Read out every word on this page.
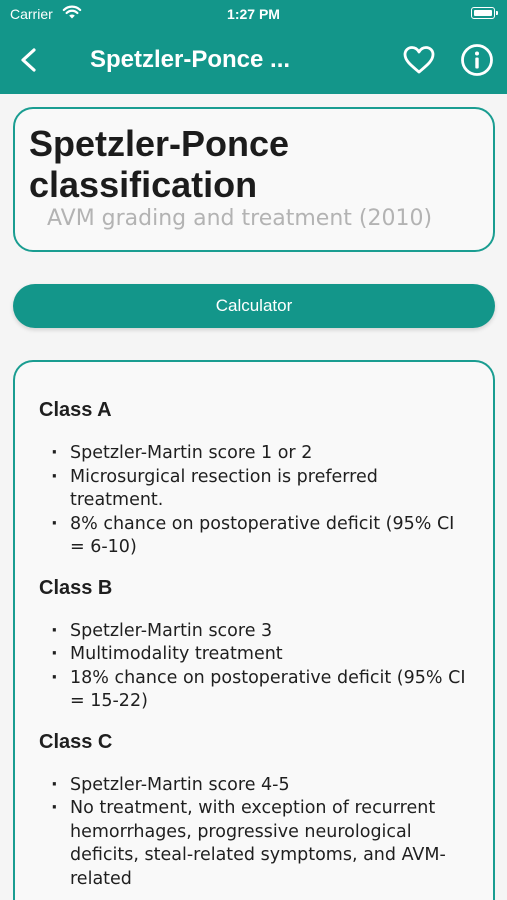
Carrier	1:27 PM
Spetzler-Ponce ...
Spetzler-Ponce classification
AVM grading and treatment (2010)
Calculator
Class A
· Spetzler-Martin score 1 or 2
· Microsurgical resection is preferred treatment.
· 8% chance on postoperative deficit (95% CI = 6-10)
Class B
· Spetzler-Martin score 3
· Multimodality treatment
· 18% chance on postoperative deficit (95% CI = 15-22)
Class C
· Spetzler-Martin score 4-5
· No treatment, with exception of recurrent hemorrhages, progressive neurological deficits, steal-related symptoms, and AVM-related
